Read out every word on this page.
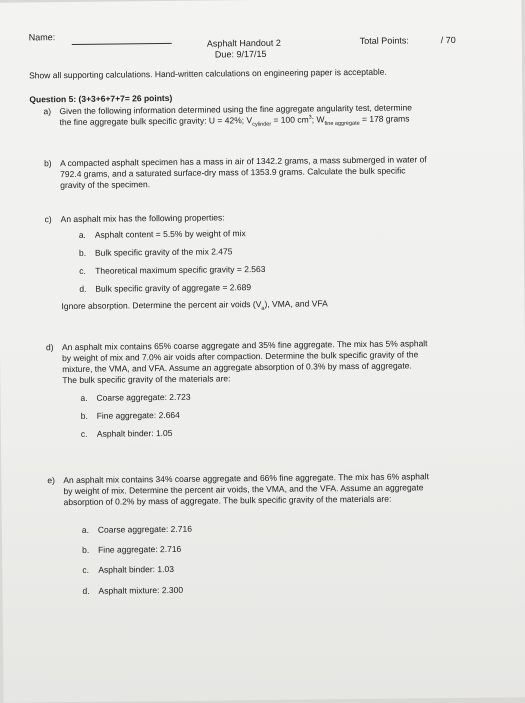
Name:
Asphalt Handout 2
Due: 9/17/15
Total Points:	/ 70
Show all supporting calculations. Hand-written calculations on engineering paper is acceptable.
Question 5: (3+3+6+7+7= 26 points)
a) Given the following information determined using the fine aggregate angularity test, determine
the fine aggregate bulk specific gravity: U = 42%; $V_{cylinder} = 100$ $cm^3$; $W_{fine aggregate} = 178$ grams
b) A compacted asphalt specimen has a mass in air of 1342.2 grams, a mass submerged in water of
792.4 grams, and a saturated surface-dry mass of 1353.9 grams. Calculate the bulk specific
gravity of the specimen.
c) An asphalt mix has the following properties:
a. Asphalt content = 5.5% by weight of mix
b. Bulk specific gravity of the mix 2.475
c. Theoretical maximum specific gravity = 2.563
d. Bulk specific gravity of aggregate = 2.689
Ignore absorption. Determine the percent air voids $(V_a)$, VMA, and VFA
d) An asphalt mix contains 65% coarse aggregate and 35% fine aggregate. The mix has 5% asphalt
by weight of mix and 7.0% air voids after compaction. Determine the bulk specific gravity of the
mixture, the VMA, and VFA. Assume an aggregate absorption of 0.3% by mass of aggregate.
The bulk specific gravity of the materials are:
a. Coarse aggregate: 2.723
b. Fine aggregate: 2.664
c. Asphalt binder: 1.05
e) An asphalt mix contains 34% coarse aggregate and 66% fine aggregate. The mix has 6% asphalt
by weight of mix. Determine the percent air voids, the VMA, and the VFA. Assume an aggregate
absorption of 0.2% by mass of aggregate. The bulk specific gravity of the materials are:
a. Coarse aggregate: 2.716
b. Fine aggregate: 2.716
c. Asphalt binder: 1.03
d. Asphalt mixture: 2.300
